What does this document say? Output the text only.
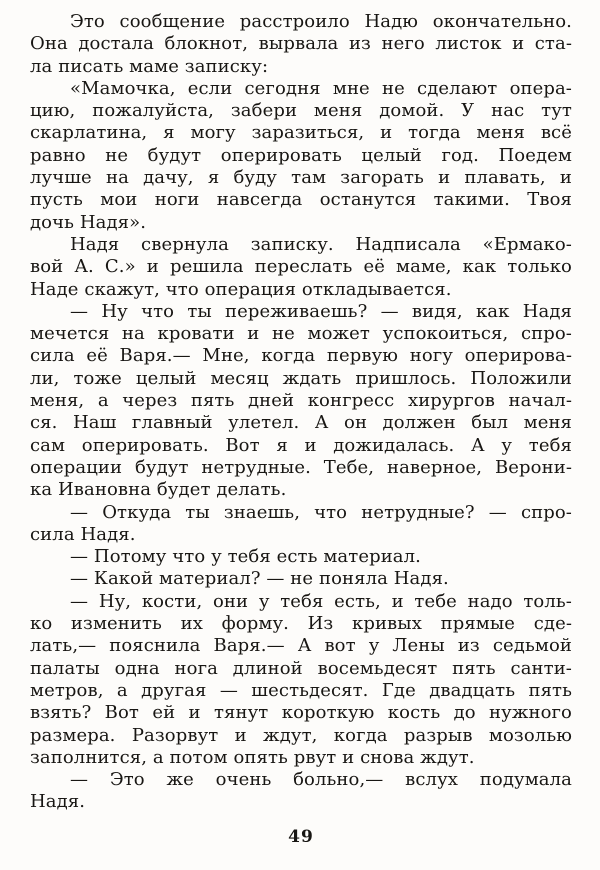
Это сообщение расстроило Надю окончательно.
Она достала блокнот, вырвала из него листок и ста-
ла писать маме записку:
«Мамочка, если сегодня мне не сделают опера-
цию, пожалуйста, забери меня домой. У нас тут
скарлатина, я могу заразиться, и тогда меня всё
равно не будут оперировать целый год. Поедем
лучше на дачу, я буду там загорать и плавать, и
пусть мои ноги навсегда останутся такими. Твоя
дочь Надя».
Надя свернула записку. Надписала «Ермако-
вой А. С.» и решила переслать её маме, как только
Наде скажут, что операция откладывается.
— Ну что ты переживаешь? — видя, как Надя
мечется на кровати и не может успокоиться, спро-
сила её Варя.— Мне, когда первую ногу оперирова-
ли, тоже целый месяц ждать пришлось. Положили
меня, а через пять дней конгресс хирургов начал-
ся. Наш главный улетел. А он должен был меня
сам оперировать. Вот я и дожидалась. А у тебя
операции будут нетрудные. Тебе, наверное, Верони-
ка Ивановна будет делать.
— Откуда ты знаешь, что нетрудные? — спро-
сила Надя.
— Потому что у тебя есть материал.
— Какой материал? — не поняла Надя.
— Ну, кости, они у тебя есть, и тебе надо толь-
ко изменить их форму. Из кривых прямые сде-
лать,— пояснила Варя.— А вот у Лены из седьмой
палаты одна нога длиной восемьдесят пять санти-
метров, а другая — шестьдесят. Где двадцать пять
взять? Вот ей и тянут короткую кость до нужного
размера. Разорвут и ждут, когда разрыв мозолью
заполнится, а потом опять рвут и снова ждут.
— Это же очень больно,— вслух подумала
Надя.
49
